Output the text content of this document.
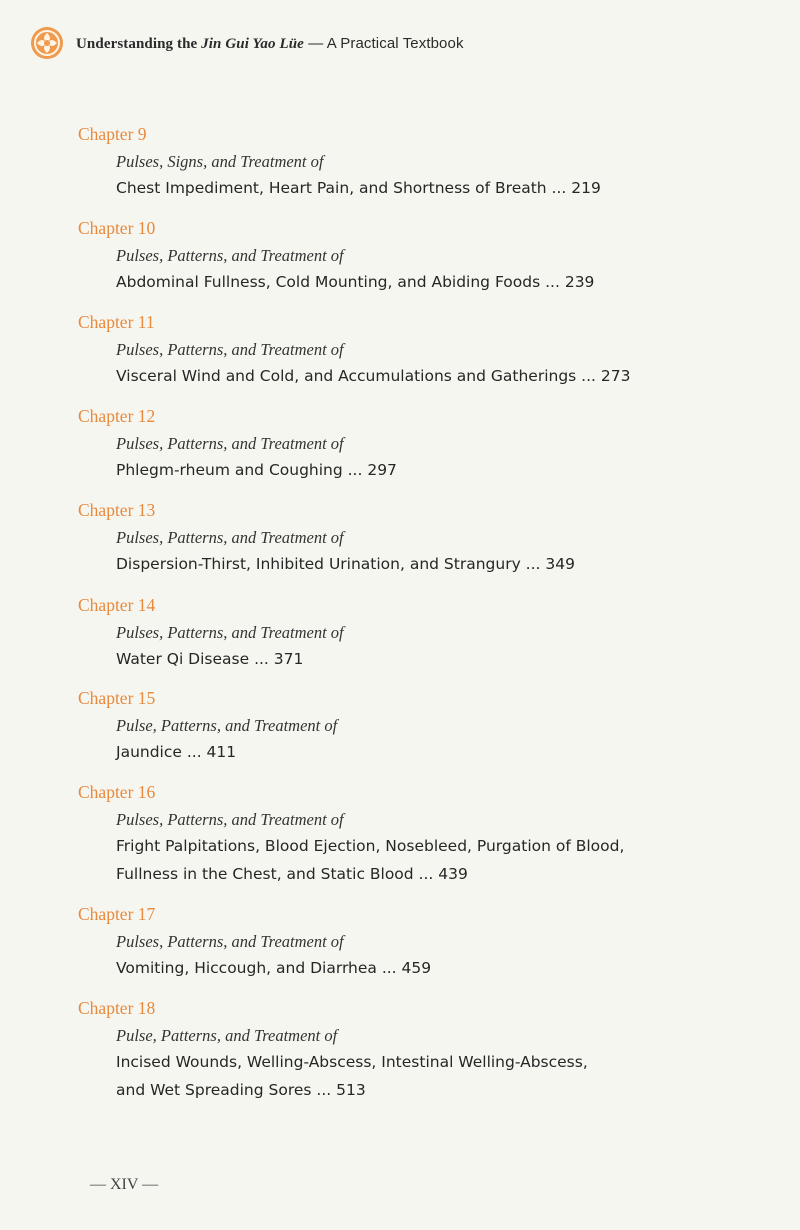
Understanding the Jin Gui Yao Lüe — A Practical Textbook
Chapter 9
Pulses, Signs, and Treatment of
Chest Impediment, Heart Pain, and Shortness of Breath ... 219
Chapter 10
Pulses, Patterns, and Treatment of
Abdominal Fullness, Cold Mounting, and Abiding Foods ... 239
Chapter 11
Pulses, Patterns, and Treatment of
Visceral Wind and Cold, and Accumulations and Gatherings ... 273
Chapter 12
Pulses, Patterns, and Treatment of
Phlegm-rheum and Coughing ... 297
Chapter 13
Pulses, Patterns, and Treatment of
Dispersion-Thirst, Inhibited Urination, and Strangury ... 349
Chapter 14
Pulses, Patterns, and Treatment of
Water Qi Disease ... 371
Chapter 15
Pulse, Patterns, and Treatment of
Jaundice ... 411
Chapter 16
Pulses, Patterns, and Treatment of
Fright Palpitations, Blood Ejection, Nosebleed, Purgation of Blood,
Fullness in the Chest, and Static Blood ... 439
Chapter 17
Pulses, Patterns, and Treatment of
Vomiting, Hiccough, and Diarrhea ... 459
Chapter 18
Pulse, Patterns, and Treatment of
Incised Wounds, Welling-Abscess, Intestinal Welling-Abscess,
and Wet Spreading Sores ... 513
— XIV —
